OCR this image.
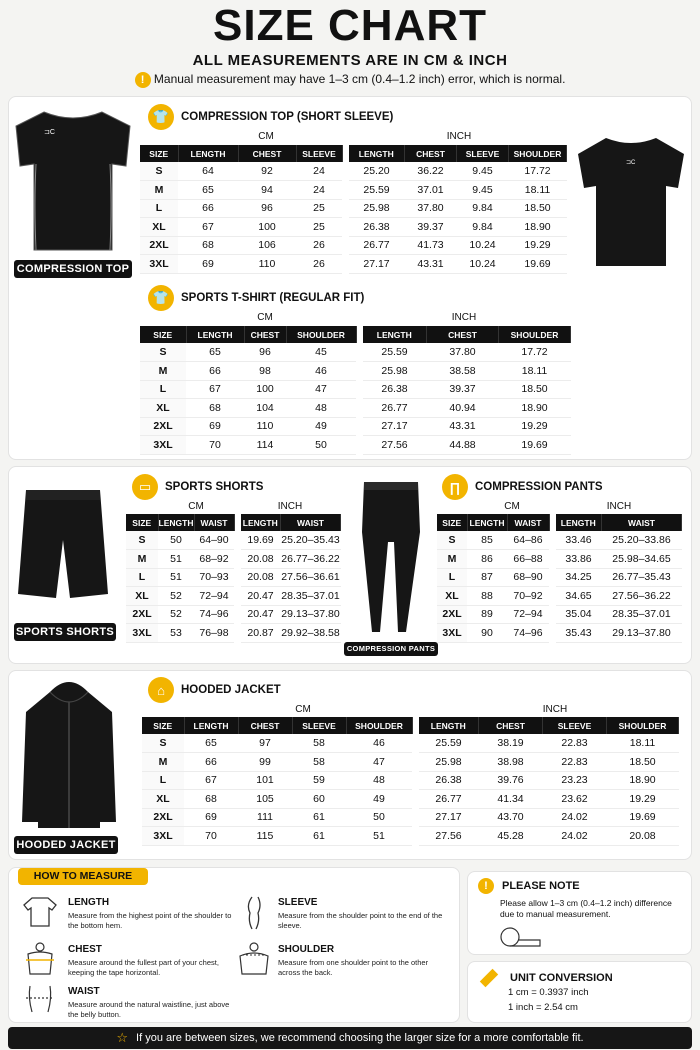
SIZE CHART
ALL MEASUREMENTS ARE IN CM & INCH
! Manual measurement may have 1–3 cm (0.4–1.2 inch) error, which is normal.
⊐C
COMPRESSION TOP
👕	COMPRESSION TOP (SHORT SLEEVE)
CM	INCH
SIZE	LENGTH	CHEST	SLEEVE
S	64	92	24
M	65	94	24
L	66	96	25
XL	67	100	25
2XL	68	106	26
3XL	69	110	26
LENGTH	CHEST	SLEEVE	SHOULDER
25.20	36.22	9.45	17.72
25.59	37.01	9.45	18.11
25.98	37.80	9.84	18.50
26.38	39.37	9.84	18.90
26.77	41.73	10.24	19.29
27.17	43.31	10.24	19.69
⊐C
👕	SPORTS T-SHIRT (REGULAR FIT)
CM	INCH
SIZE	LENGTH	CHEST	SHOULDER
S	65	96	45
M	66	98	46
L	67	100	47
XL	68	104	48
2XL	69	110	49
3XL	70	114	50
LENGTH	CHEST	SHOULDER
25.59	37.80	17.72
25.98	38.58	18.11
26.38	39.37	18.50
26.77	40.94	18.90
27.17	43.31	19.29
27.56	44.88	19.69
SPORTS SHORTS
▭	SPORTS SHORTS
CM	INCH
SIZE	LENGTH	WAIST
S	50	64–90
M	51	68–92
L	51	70–93
XL	52	72–94
2XL	52	74–96
3XL	53	76–98
LENGTH	WAIST
19.69	25.20–35.43
20.08	26.77–36.22
20.08	27.56–36.61
20.47	28.35–37.01
20.47	29.13–37.80
20.87	29.92–38.58
COMPRESSION PANTS
∏	COMPRESSION PANTS
CM	INCH
SIZE	LENGTH	WAIST
S	85	64–86
M	86	66–88
L	87	68–90
XL	88	70–92
2XL	89	72–94
3XL	90	74–96
LENGTH	WAIST
33.46	25.20–33.86
33.86	25.98–34.65
34.25	26.77–35.43
34.65	27.56–36.22
35.04	28.35–37.01
35.43	29.13–37.80
HOODED JACKET
⌂	HOODED JACKET
CM	INCH
SIZE	LENGTH	CHEST	SLEEVE	SHOULDER
S	65	97	58	46
M	66	99	58	47
L	67	101	59	48
XL	68	105	60	49
2XL	69	111	61	50
3XL	70	115	61	51
LENGTH	CHEST	SLEEVE	SHOULDER
25.59	38.19	22.83	18.11
25.98	38.98	22.83	18.50
26.38	39.76	23.23	18.90
26.77	41.34	23.62	19.29
27.17	43.70	24.02	19.69
27.56	45.28	24.02	20.08
HOW TO MEASURE
LENGTH
Measure from the highest point of the shoulder to the bottom hem.
SLEEVE
Measure from the shoulder point to the end of the sleeve.
CHEST
Measure around the fullest part of your chest, keeping the tape horizontal.
SHOULDER
Measure from one shoulder point to the other across the back.
WAIST
Measure around the natural waistline, just above the belly button.
!	PLEASE NOTE
Please allow 1–3 cm (0.4–1.2 inch) difference due to manual measurement.
UNIT CONVERSION
1 cm = 0.3937 inch
1 inch = 2.54 cm
☆ If you are between sizes, we recommend choosing the larger size for a more comfortable fit.
